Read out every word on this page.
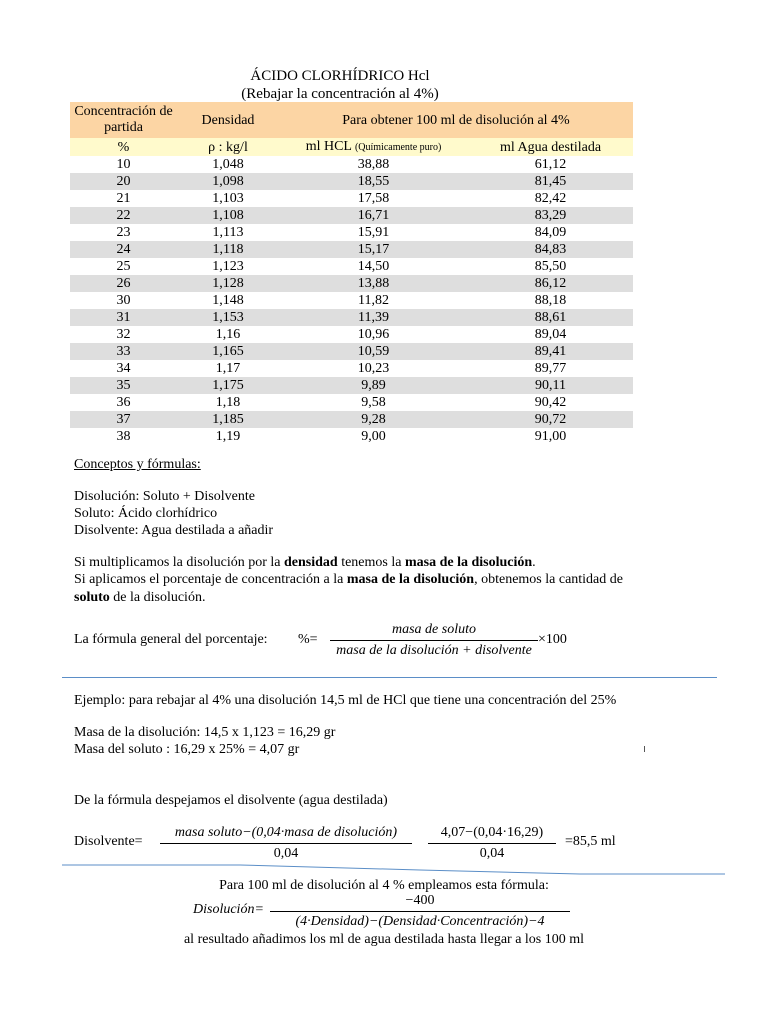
ÁCIDO CLORHÍDRICO Hcl
(Rebajar la concentración al 4%)
Concentración de partida	Densidad	Para obtener 100 ml de disolución al 4%	
%	ρ : kg/l	ml HCL (Químicamente puro)	ml Agua destilada
10	1,048	38,88	61,12
20	1,098	18,55	81,45
21	1,103	17,58	82,42
22	1,108	16,71	83,29
23	1,113	15,91	84,09
24	1,118	15,17	84,83
25	1,123	14,50	85,50
26	1,128	13,88	86,12
30	1,148	11,82	88,18
31	1,153	11,39	88,61
32	1,16	10,96	89,04
33	1,165	10,59	89,41
34	1,17	10,23	89,77
35	1,175	9,89	90,11
36	1,18	9,58	90,42
37	1,185	9,28	90,72
38	1,19	9,00	91,00
Conceptos y fórmulas:
Disolución: Soluto + Disolvente
Soluto: Ácido clorhídrico
Disolvente: Agua destilada a añadir
Si multiplicamos la disolución por la densidad tenemos la masa de la disolución.
Si aplicamos el porcentaje de concentración a la masa de la disolución, obtenemos la cantidad de
soluto de la disolución.
La fórmula general del porcentaje: %=
masa de soluto
masa de la disolución + disolvente
×100
Ejemplo: para rebajar al 4% una disolución 14,5 ml de HCl que tiene una concentración del 25%
Masa de la disolución: 14,5 x 1,123 = 16,29 gr
Masa del soluto : 16,29 x 25% = 4,07 gr
De la fórmula despejamos el disolvente (agua destilada)
Disolvente=
masa soluto−(0,04·masa de disolución)
0,04	$\frac{4,07-(0,04\cdot 16,29)}{0,04} =85,5$ ml
Para 100 ml de disolución al 4 % empleamos esta fórmula:
Disolución=
−400
(4·Densidad)−(Densidad·Concentración)−4
al resultado añadimos los ml de agua destilada hasta llegar a los 100 ml
